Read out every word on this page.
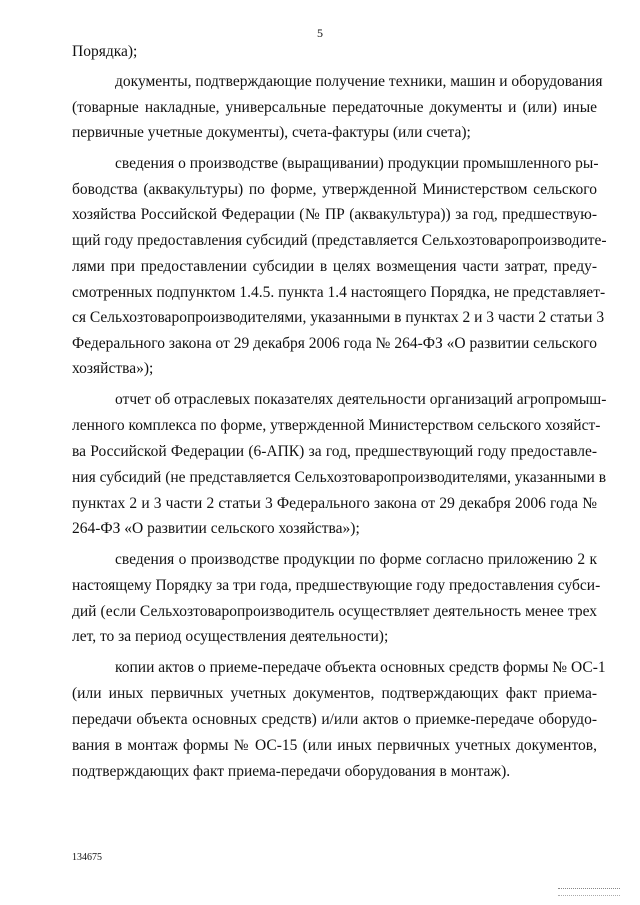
5
Порядка);
документы, подтверждающие получение техники, машин и оборудования
(товарные накладные, универсальные передаточные документы и (или) иные
первичные учетные документы), счета-фактуры (или счета);
сведения о производстве (выращивании) продукции промышленного ры-
боводства (аквакультуры) по форме, утвержденной Министерством сельского
хозяйства Российской Федерации (№ ПР (аквакультура)) за год, предшествую-
щий году предоставления субсидий (представляется Сельхозтоваропроизводите-
лями при предоставлении субсидии в целях возмещения части затрат, преду-
смотренных подпунктом 1.4.5. пункта 1.4 настоящего Порядка, не представляет-
ся Сельхозтоваропроизводителями, указанными в пунктах 2 и 3 части 2 статьи 3
Федерального закона от 29 декабря 2006 года № 264-ФЗ «О развитии сельского
хозяйства»);
отчет об отраслевых показателях деятельности организаций агропромыш-
ленного комплекса по форме, утвержденной Министерством сельского хозяйст-
ва Российской Федерации (6-АПК) за год, предшествующий году предоставле-
ния субсидий (не представляется Сельхозтоваропроизводителями, указанными в
пунктах 2 и 3 части 2 статьи 3 Федерального закона от 29 декабря 2006 года №
264-ФЗ «О развитии сельского хозяйства»);
сведения о производстве продукции по форме согласно приложению 2 к
настоящему Порядку за три года, предшествующие году предоставления субси-
дий (если Сельхозтоваропроизводитель осуществляет деятельность менее трех
лет, то за период осуществления деятельности);
копии актов о приеме-передаче объекта основных средств формы № ОС-1
(или иных первичных учетных документов, подтверждающих факт приема-
передачи объекта основных средств) и/или актов о приемке-передаче оборудо-
вания в монтаж формы № ОС-15 (или иных первичных учетных документов,
подтверждающих факт приема-передачи оборудования в монтаж).
134675
